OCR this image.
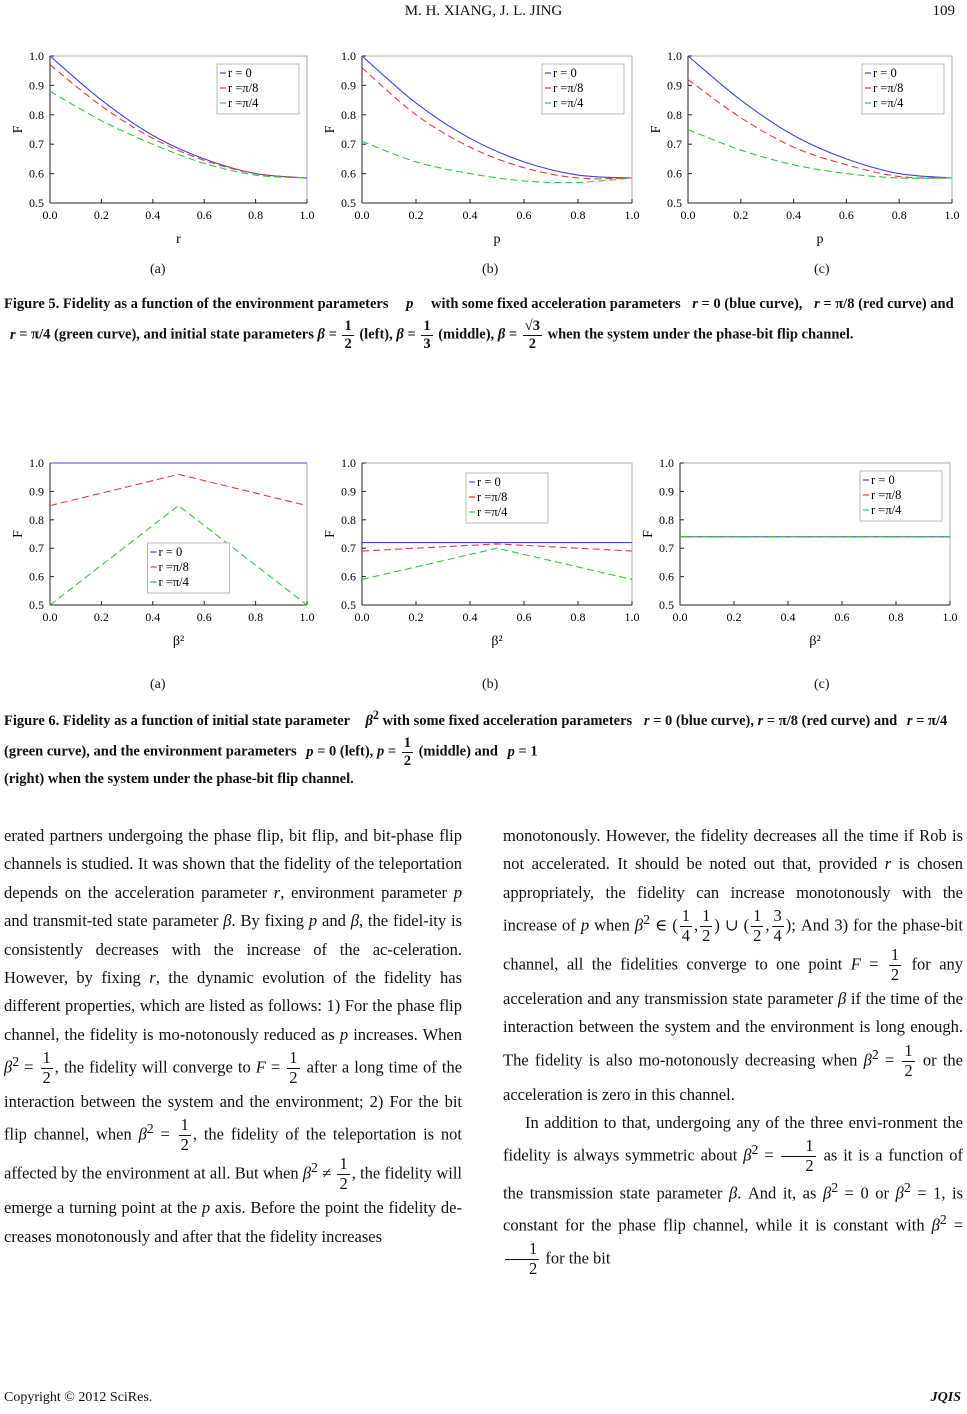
M. H. XIANG, J. L. JING	109
0.5
0.6
0.7
0.8
0.9
1.0
0.0	0.2	0.4	0.6	0.8	1.0
F
r
r = 0
r =π/8
r =π/4
0.5
0.6
0.7
0.8
0.9
1.0
0.0	0.2	0.4	0.6	0.8	1.0
F
p
r = 0
r =π/8
r =π/4
0.5
0.6
0.7
0.8
0.9
1.0
0.0	0.2	0.4	0.6	0.8	1.0
F
p
r = 0
r =π/8
r =π/4
(a)	(b)	(c)
Figure 5. Fidelity as a function of the environment parameters p with some fixed acceleration parameters r = 0 (blue curve), r = π/8 (red curve) and r = π/4 (green curve), and initial state parameters $\beta = \frac{1}{2}$ (left), $\beta = \frac{1}{3}$ (middle), $\beta = \frac{√3}{2}$ when the system under the phase-bit flip channel.
0.5
0.6
0.7
0.8
0.9
1.0
0.0	0.2	0.4	0.6	0.8	1.0
F
β²
r = 0
r =π/8
r =π/4
0.5
0.6
0.7
0.8
0.9
1.0
0.0	0.2	0.4	0.6	0.8	1.0
F
β²
r = 0
r =π/8
r =π/4
0.5
0.6
0.7
0.8
0.9
1.0
0.0	0.2	0.4	0.6	0.8	1.0
F
β²
r = 0
r =π/8
r =π/4
(a)	(b)	(c)
Figure 6. Fidelity as a function of initial state parameter $\beta^2$ with some fixed acceleration parameters r = 0 (blue curve), r = π/8 (red curve) and r = π/4 (green curve), and the environment parameters p = 0 (left), $p = \frac{1}{2}$ (middle) and p = 1
(right) when the system under the phase-bit flip channel.

erated partners undergoing the phase flip, bit flip, and bit-phase flip channels is studied. It was shown that the fidelity of the teleportation depends on the acceleration parameter r, environment parameter p and transmit-ted state parameter β. By fixing p and β, the fidel-ity is consistently decreases with the increase of the ac-celeration. However, by fixing r, the dynamic evolution of the fidelity has different properties, which are listed as follows: 1) For the phase flip channel, the fidelity is mo-notonously reduced as p increases. When $\beta^2 = \frac{1}{2}$ , the fidelity will converge to $F = \frac{1}{2}$ after a long time of the interaction between the system and the environment; 2) For the bit flip channel, when $\beta^2 = \frac{1}{2}$ , the fidelity of the teleportation is not affected by the environment at all. But when $\beta^2 \ne \frac{1}{2}$ , the fidelity will emerge a turning point at the p axis. Before the point the fidelity de-creases monotonously and after that the fidelity increases

monotonously. However, the fidelity decreases all the time if Rob is not accelerated. It should be noted out that, provided r is chosen appropriately, the fidelity can increase monotonously with the increase of p when $\beta^2$ ∈ ( $\frac{1}{4}$ , $\frac{1}{2}$ ) ∪ ( $\frac{1}{2}$ , $\frac{3}{4}$ ); And 3) for the phase-bit channel, all the fidelities converge to one point $F = \frac{1}{2}$ for any acceleration and any transmission state parameter β if the time of the interaction between the system and the environment is long enough. The fidelity is also mo-notonously decreasing when $\beta^2 = \frac{1}{2}$ or the acceleration is zero in this channel.

In addition to that, undergoing any of the three envi-ronment the fidelity is always symmetric about $\beta^2 = \frac{1}{2}$ as it is a function of the transmission state parameter β. And it, as $\beta^2 = 0$ or $\beta^2 = 1$, is constant for the phase flip channel, while it is constant with $\beta^2$ =
$\frac{1}{2}$ for the bit

Copyright © 2012 SciRes.	JQIS
